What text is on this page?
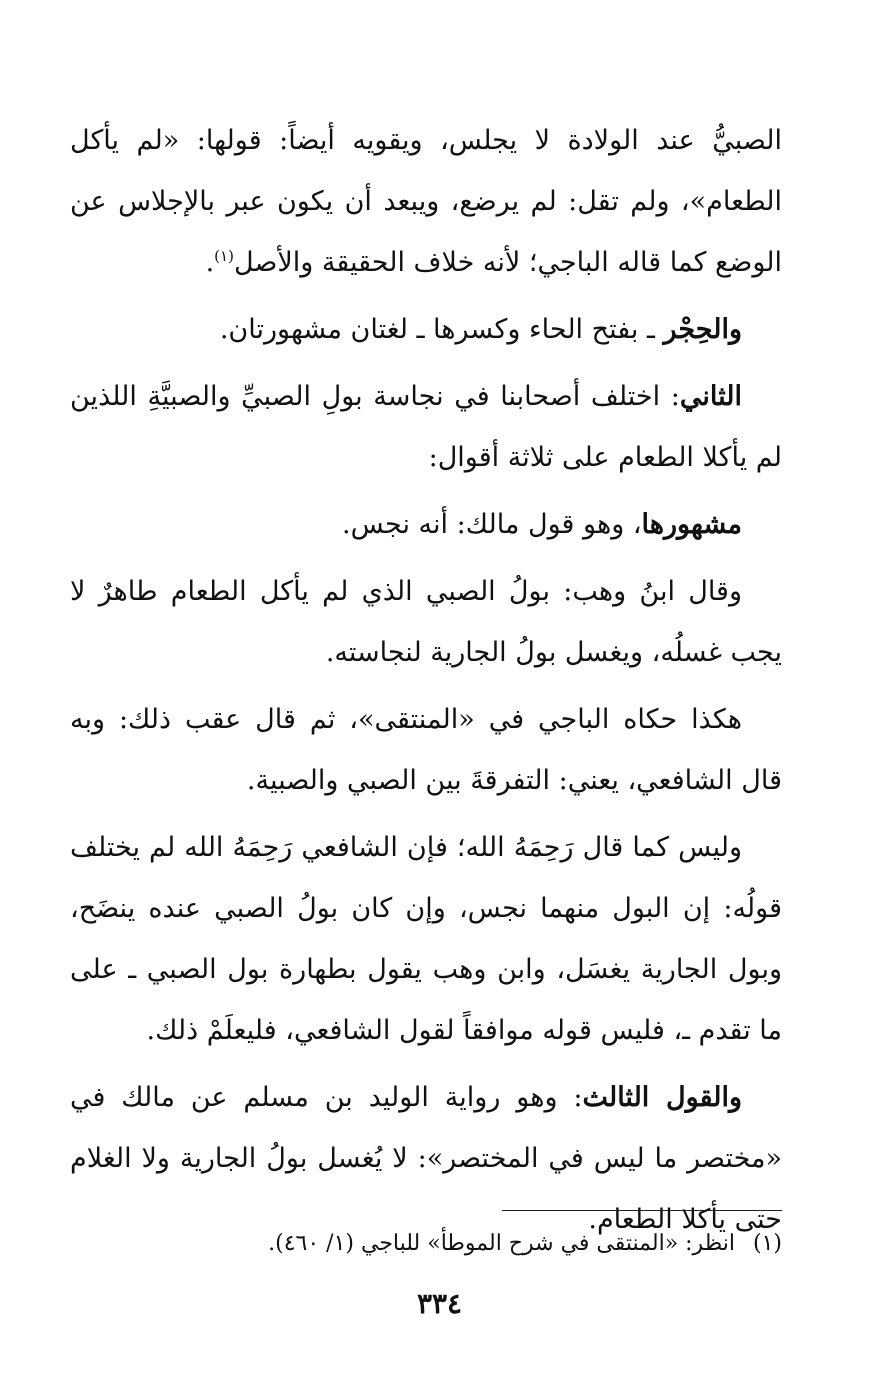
الصبيُّ عند الولادة لا يجلس، ويقويه أيضاً: قولها: «لم يأكل الطعام»، ولم تقل: لم يرضع، ويبعد أن يكون عبر بالإجلاس عن الوضع كما قاله الباجي؛ لأنه خلاف الحقيقة والأصل$^{(١)}$.

والحِجْر ـ بفتح الحاء وكسرها ـ لغتان مشهورتان.

الثاني: اختلف أصحابنا في نجاسة بولِ الصبيِّ والصبيَّةِ اللذين لم يأكلا الطعام على ثلاثة أقوال:

مشهورها، وهو قول مالك: أنه نجس.

وقال ابنُ وهب: بولُ الصبي الذي لم يأكل الطعام طاهرٌ لا يجب غسلُه، ويغسل بولُ الجارية لنجاسته.

هكذا حكاه الباجي في «المنتقى»، ثم قال عقب ذلك: وبه قال الشافعي، يعني: التفرقةَ بين الصبي والصبية.

وليس كما قال رَحِمَهُ الله؛ فإن الشافعي رَحِمَهُ الله لم يختلف قولُه: إن البول منهما نجس، وإن كان بولُ الصبي عنده ينضَح، وبول الجارية يغسَل، وابن وهب يقول بطهارة بول الصبي ـ على ما تقدم ـ، فليس قوله موافقاً لقول الشافعي، فليعلَمْ ذلك.

والقول الثالث: وهو رواية الوليد بن مسلم عن مالك في «مختصر ما ليس في المختصر»: لا يُغسل بولُ الجارية ولا الغلام حتى يأكلا الطعام.

(١)انظر: «المنتقى في شرح الموطأ» للباجي (١/ ٤٦٠).
٣٣٤
